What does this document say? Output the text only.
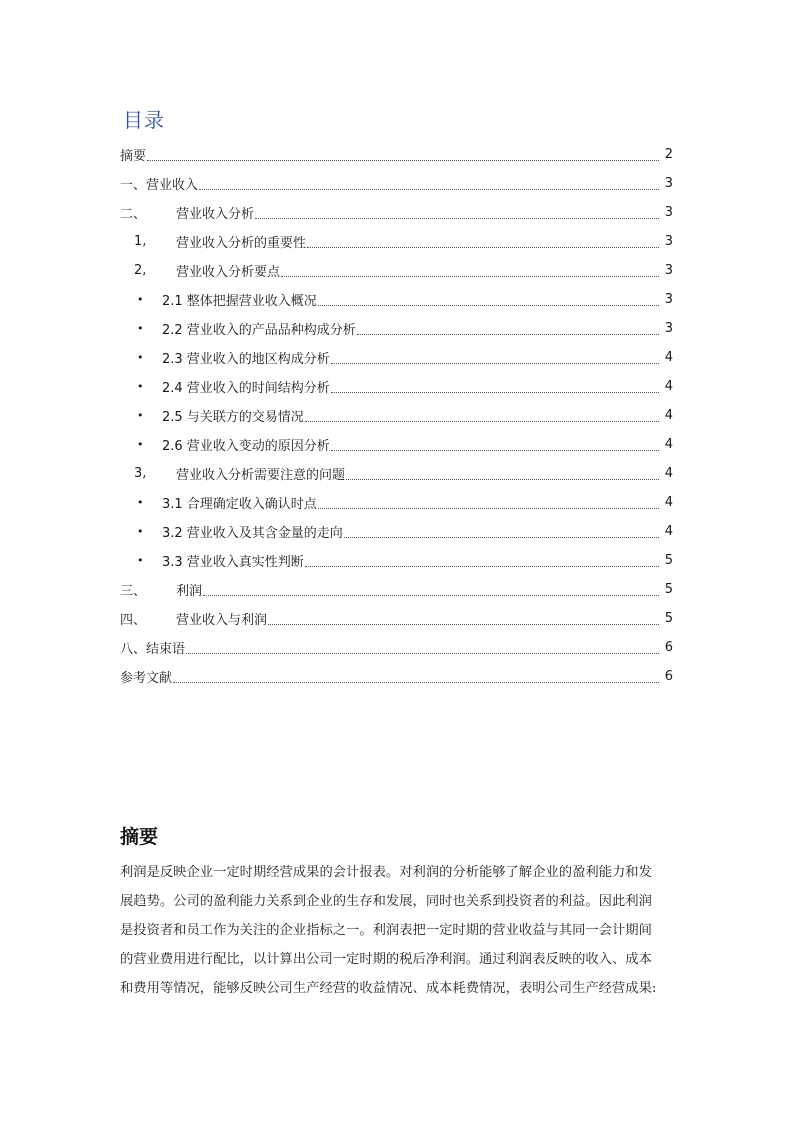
目录
摘要	2
一、营业收入	3
二、 营业收入分析	3
1, 营业收入分析的重要性	3
2, 营业收入分析要点	3
• 2.1 整体把握营业收入概况	3
• 2.2 营业收入的产品品种构成分析	3
• 2.3 营业收入的地区构成分析	4
• 2.4 营业收入的时间结构分析	4
• 2.5 与关联方的交易情况	4
• 2.6 营业收入变动的原因分析	4
3, 营业收入分析需要注意的问题	4
• 3.1 合理确定收入确认时点	4
• 3.2 营业收入及其含金量的走向	4
• 3.3 营业收入真实性判断	5
三、 利润	5
四、 营业收入与利润	5
八、结束语	6
参考文献	6
摘要
利润是反映企业一定时期经营成果的会计报表。对利润的分析能够了解企业的盈利能力和发
展趋势。公司的盈利能力关系到企业的生存和发展，同时也关系到投资者的利益。因此利润
是投资者和员工作为关注的企业指标之一。利润表把一定时期的营业收益与其同一会计期间
的营业费用进行配比，以计算出公司一定时期的税后净利润。通过利润表反映的收入、成本
和费用等情况，能够反映公司生产经营的收益情况、成本耗费情况，表明公司生产经营成果:
